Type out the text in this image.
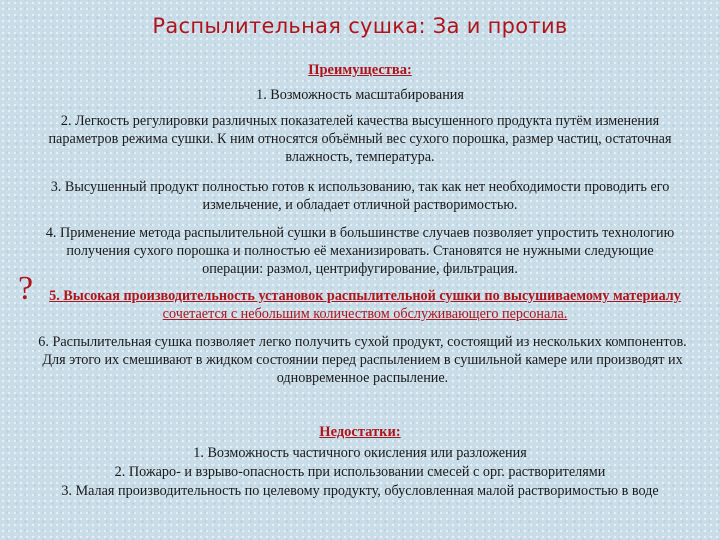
Распылительная сушка: За и против

Преимущества:

1. Возможность масштабирования

2. Легкость регулировки различных показателей качества высушенного продукта путём изменения параметров режима сушки. К ним относятся объёмный вес сухого порошка, размер частиц, остаточная влажность, температура.

3. Высушенный продукт полностью готов к использованию, так как нет необходимости проводить его измельчение, и обладает отличной растворимостью.

4. Применение метода распылительной сушки в большинстве случаев позволяет упростить технологию получения сухого порошка и полностью её механизировать. Становятся не нужными следующие операции: размол, центрифугирование, фильтрация.

?	5. Высокая производительность установок распылительной сушки по высушиваемому материалу сочетается с небольшим количеством обслуживающего персонала.

6. Распылительная сушка позволяет легко получить сухой продукт, состоящий из нескольких компонентов. Для этого их смешивают в жидком состоянии перед распылением в сушильной камере или производят их одновременное распыление.

Недостатки:

1. Возможность частичного окисления или разложения

2. Пожаро- и взрыво-опасность при использовании смесей с орг. растворителями

3. Малая производительность по целевому продукту, обусловленная малой растворимостью в воде
